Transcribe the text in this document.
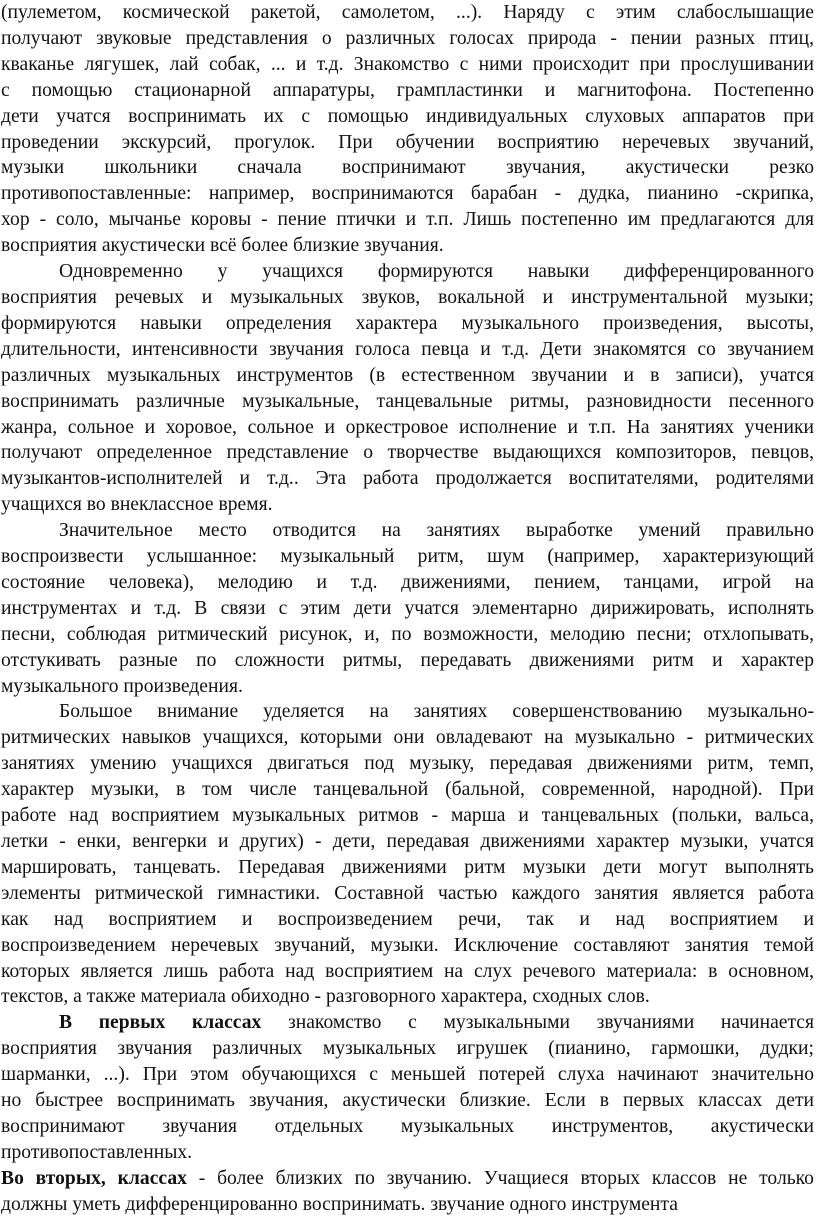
(пулеметом, космической ракетой, самолетом, ...). Наряду с этим слабослышащие
получают звуковые представления о различных голосах природа - пении разных птиц,
кваканье лягушек, лай собак, ... и т.д. Знакомство с ними происходит при прослушивании
с помощью стационарной аппаратуры, грампластинки и магнитофона. Постепенно
дети учатся воспринимать их с помощью индивидуальных слуховых аппаратов при
проведении экскурсий, прогулок. При обучении восприятию неречевых звучаний,
музыки школьники сначала воспринимают звучания, акустически резко
противопоставленные: например, воспринимаются барабан - дудка, пианино -скрипка,
хор - соло, мычанье коровы - пение птички и т.п. Лишь постепенно им предлагаются для
восприятия акустически всё более близкие звучания.
Одновременно у учащихся формируются навыки дифференцированного
восприятия речевых и музыкальных звуков, вокальной и инструментальной музыки;
формируются навыки определения характера музыкального произведения, высоты,
длительности, интенсивности звучания голоса певца и т.д. Дети знакомятся со звучанием
различных музыкальных инструментов (в естественном звучании и в записи), учатся
воспринимать различные музыкальные, танцевальные ритмы, разновидности песенного
жанра, сольное и хоровое, сольное и оркестровое исполнение и т.п. На занятиях ученики
получают определенное представление о творчестве выдающихся композиторов, певцов,
музыкантов-исполнителей и т.д.. Эта работа продолжается воспитателями, родителями
учащихся во внеклассное время.
Значительное место отводится на занятиях выработке умений правильно
воспроизвести услышанное: музыкальный ритм, шум (например, характеризующий
состояние человека), мелодию и т.д. движениями, пением, танцами, игрой на
инструментах и т.д. В связи с этим дети учатся элементарно дирижировать, исполнять
песни, соблюдая ритмический рисунок, и, по возможности, мелодию песни; отхлопывать,
отстукивать разные по сложности ритмы, передавать движениями ритм и характер
музыкального произведения.
Большое внимание уделяется на занятиях совершенствованию музыкально-
ритмических навыков учащихся, которыми они овладевают на музыкально - ритмических
занятиях умению учащихся двигаться под музыку, передавая движениями ритм, темп,
характер музыки, в том числе танцевальной (бальной, современной, народной). При
работе над восприятием музыкальных ритмов - марша и танцевальных (польки, вальса,
летки - енки, венгерки и других) - дети, передавая движениями характер музыки, учатся
маршировать, танцевать. Передавая движениями ритм музыки дети могут выполнять
элементы ритмической гимнастики. Составной частью каждого занятия является работа
как над восприятием и воспроизведением речи, так и над восприятием и
воспроизведением неречевых звучаний, музыки. Исключение составляют занятия темой
которых является лишь работа над восприятием на слух речевого материала: в основном,
текстов, а также материала обиходно - разговорного характера, сходных слов.
В первых классах знакомство с музыкальными звучаниями начинается
восприятия звучания различных музыкальных игрушек (пианино, гармошки, дудки;
шарманки, ...). При этом обучающихся с меньшей потерей слуха начинают значительно
но быстрее воспринимать звучания, акустически близкие. Если в первых классах дети
воспринимают звучания отдельных музыкальных инструментов, акустически
противопоставленных.
Во вторых, классах - более близких по звучанию. Учащиеся вторых классов не только
должны уметь дифференцированно воспринимать. звучание одного инструмента
